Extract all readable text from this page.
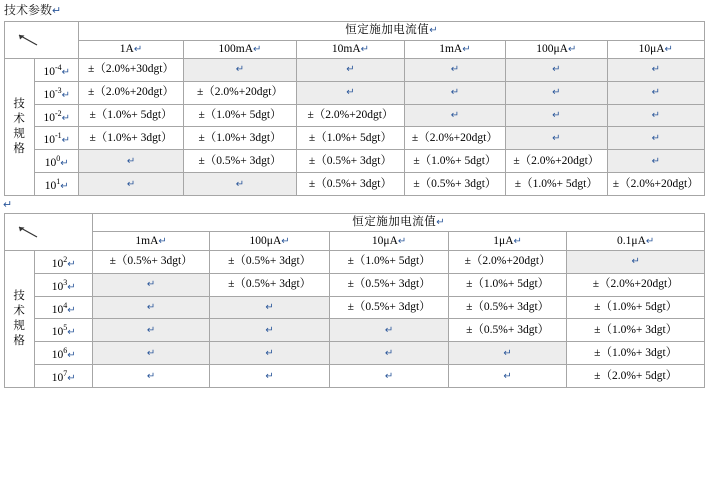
技术参数↵
	恒定施加电流值↵					
		1A↵	100mA↵	10mA↵	1mA↵	100μA↵	10μA↵

技
术
规
格	$10^{-4}↵$	±（2.0%+30dgt）	↵	↵	↵	↵	↵
	$10^{-3}↵$	±（2.0%+20dgt）	±（2.0%+20dgt）	↵	↵	↵	↵
	$10^{-2}↵$	±（1.0%+ 5dgt）	±（1.0%+ 5dgt）	±（2.0%+20dgt）	↵	↵	↵
	$10^{-1}↵$	±（1.0%+ 3dgt）	±（1.0%+ 3dgt）	±（1.0%+ 5dgt）	±（2.0%+20dgt）	↵	↵
	$10^0↵$	↵	±（0.5%+ 3dgt）	±（0.5%+ 3dgt）	±（1.0%+ 5dgt）	±（2.0%+20dgt）	↵
	$10^1↵$	↵	↵	±（0.5%+ 3dgt）	±（0.5%+ 3dgt）	±（1.0%+ 5dgt）	±（2.0%+20dgt）
↵
	恒定施加电流值↵				
		1mA↵	100μA↵	10μA↵	1μA↵	0.1μA↵

技
术
规
格	$10^2↵$	±（0.5%+ 3dgt）	±（0.5%+ 3dgt）	±（1.0%+ 5dgt）	±（2.0%+20dgt）	↵
	$10^3↵$	↵	±（0.5%+ 3dgt）	±（0.5%+ 3dgt）	±（1.0%+ 5dgt）	±（2.0%+20dgt）
	$10^4↵$	↵	↵	±（0.5%+ 3dgt）	±（0.5%+ 3dgt）	±（1.0%+ 5dgt）
	$10^5↵$	↵	↵	↵	±（0.5%+ 3dgt）	±（1.0%+ 3dgt）
	$10^6↵$	↵	↵	↵	↵	±（1.0%+ 3dgt）
	$10^7↵$	↵	↵	↵	↵	±（2.0%+ 5dgt）
